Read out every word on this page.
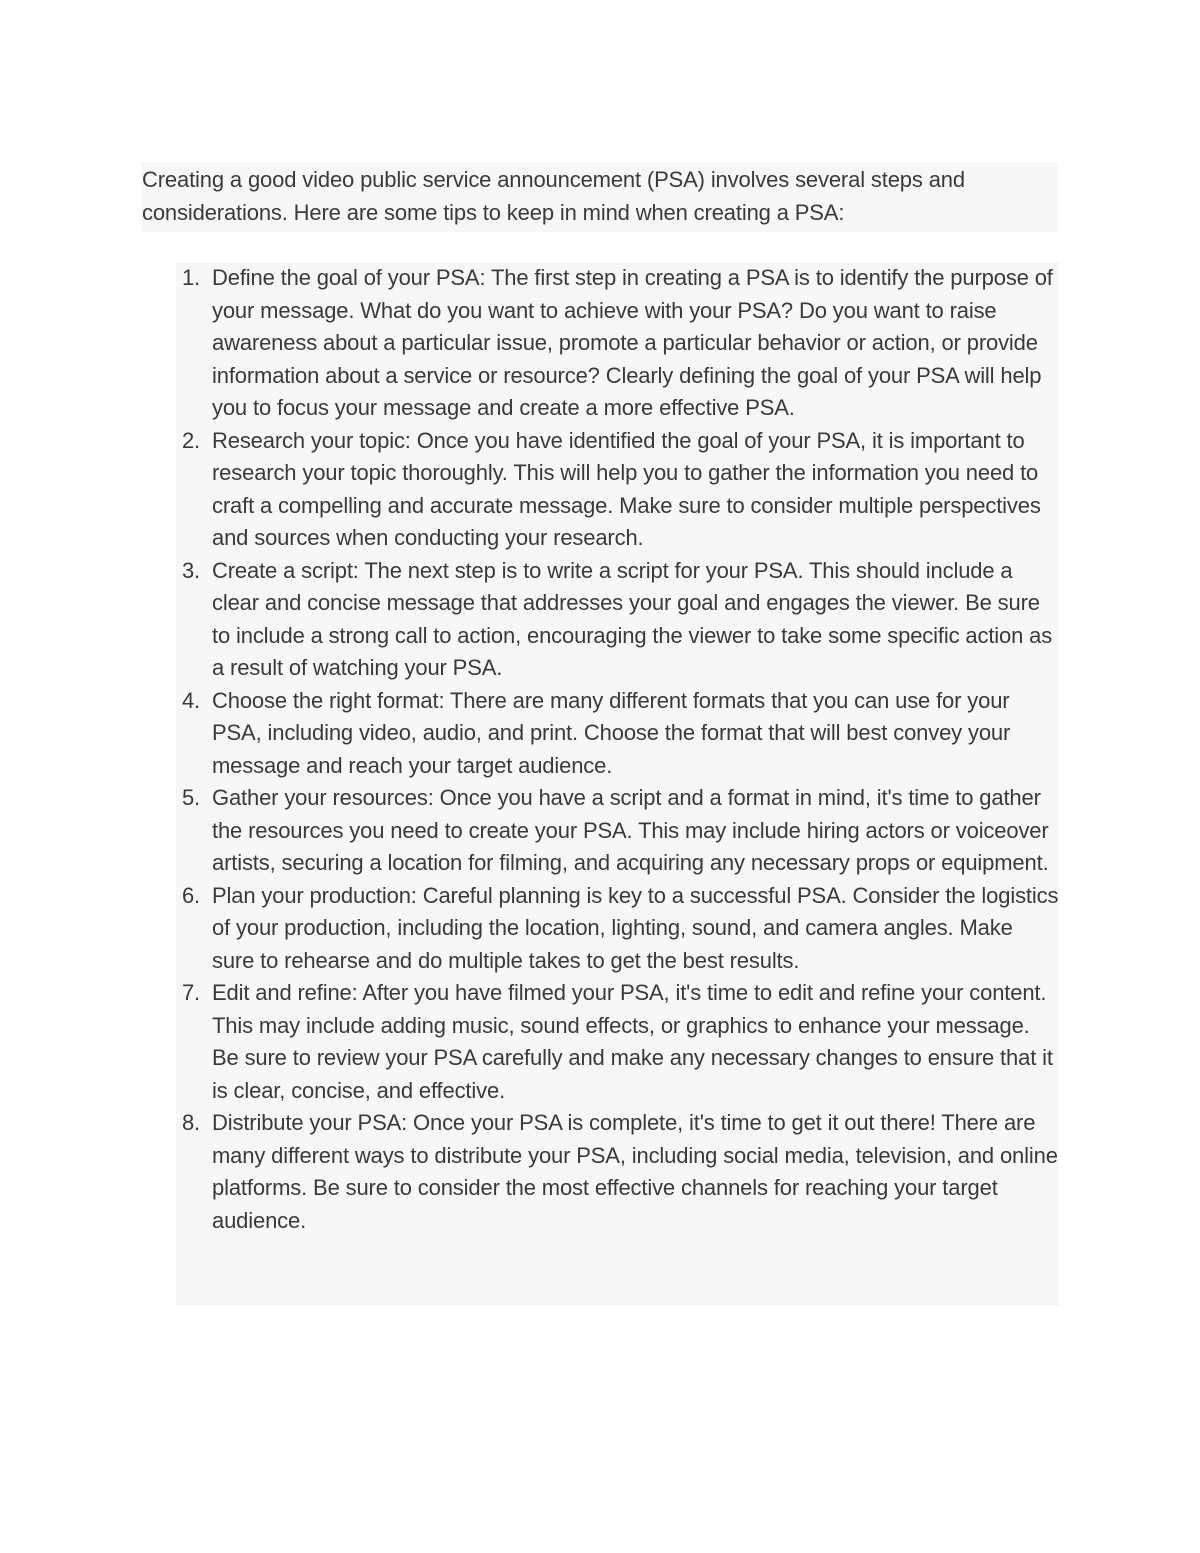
Creating a good video public service announcement (PSA) involves several steps and considerations. Here are some tips to keep in mind when creating a PSA:

1. Define the goal of your PSA: The first step in creating a PSA is to identify the purpose of your message. What do you want to achieve with your PSA? Do you want to raise awareness about a particular issue, promote a particular behavior or action, or provide information about a service or resource? Clearly defining the goal of your PSA will help you to focus your message and create a more effective PSA.
2. Research your topic: Once you have identified the goal of your PSA, it is important to research your topic thoroughly. This will help you to gather the information you need to craft a compelling and accurate message. Make sure to consider multiple perspectives and sources when conducting your research.
3. Create a script: The next step is to write a script for your PSA. This should include a clear and concise message that addresses your goal and engages the viewer. Be sure to include a strong call to action, encouraging the viewer to take some specific action as a result of watching your PSA.
4. Choose the right format: There are many different formats that you can use for your PSA, including video, audio, and print. Choose the format that will best convey your message and reach your target audience.
5. Gather your resources: Once you have a script and a format in mind, it's time to gather the resources you need to create your PSA. This may include hiring actors or voiceover artists, securing a location for filming, and acquiring any necessary props or equipment.
6. Plan your production: Careful planning is key to a successful PSA. Consider the logistics of your production, including the location, lighting, sound, and camera angles. Make sure to rehearse and do multiple takes to get the best results.
7. Edit and refine: After you have filmed your PSA, it's time to edit and refine your content. This may include adding music, sound effects, or graphics to enhance your message. Be sure to review your PSA carefully and make any necessary changes to ensure that it is clear, concise, and effective.
8. Distribute your PSA: Once your PSA is complete, it's time to get it out there! There are many different ways to distribute your PSA, including social media, television, and online platforms. Be sure to consider the most effective channels for reaching your target audience.
